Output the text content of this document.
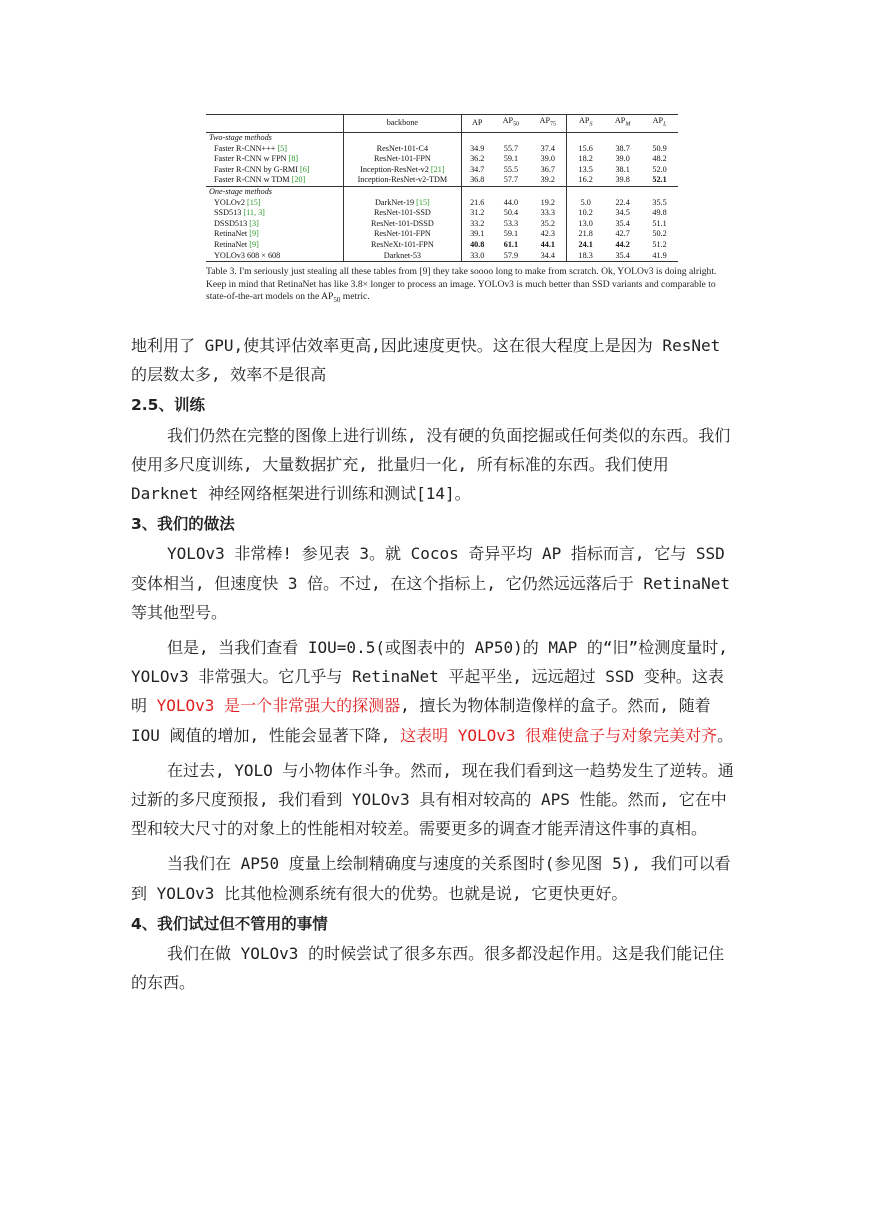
	backbone	AP	$AP_{50}$	$AP_{75}$	$AP_S$	$AP_M$	$AP_L$
Two-stage methods							
Faster R-CNN+++ [5]	ResNet-101-C4	34.9	55.7	37.4	15.6	38.7	50.9
Faster R-CNN w FPN [8]	ResNet-101-FPN	36.2	59.1	39.0	18.2	39.0	48.2
Faster R-CNN by G-RMI [6]	Inception-ResNet-v2 [21]	34.7	55.5	36.7	13.5	38.1	52.0
Faster R-CNN w TDM [20]	Inception-ResNet-v2-TDM	36.8	57.7	39.2	16.2	39.8	52.1
One-stage methods							
YOLOv2 [15]	DarkNet-19 [15]	21.6	44.0	19.2	5.0	22.4	35.5
SSD513 [11, 3]	ResNet-101-SSD	31.2	50.4	33.3	10.2	34.5	49.8
DSSD513 [3]	ResNet-101-DSSD	33.2	53.3	35.2	13.0	35.4	51.1
RetinaNet [9]	ResNet-101-FPN	39.1	59.1	42.3	21.8	42.7	50.2
RetinaNet [9]	ResNeXt-101-FPN	40.8	61.1	44.1	24.1	44.2	51.2
YOLOv3 608 × 608	Darknet-53	33.0	57.9	34.4	18.3	35.4	41.9
Table 3. I'm seriously just stealing all these tables from [9] they take soooo long to make from scratch. Ok, YOLOv3 is doing alright. Keep in mind that RetinaNet has like 3.8× longer to process an image. YOLOv3 is much better than SSD variants and comparable to state-of-the-art models on the $AP_{50}$ metric.

地利用了 GPU,使其评估效率更高,因此速度更快。这在很大程度上是因为 ResNet 的层数太多, 效率不是很高

2.5、训练

我们仍然在完整的图像上进行训练, 没有硬的负面挖掘或任何类似的东西。我们使用多尺度训练, 大量数据扩充, 批量归一化, 所有标准的东西。我们使用 Darknet 神经网络框架进行训练和测试[14]。

3、我们的做法

YOLOv3 非常棒! 参见表 3。就 Cocos 奇异平均 AP 指标而言, 它与 SSD 变体相当, 但速度快 3 倍。不过, 在这个指标上, 它仍然远远落后于 RetinaNet 等其他型号。

但是, 当我们查看 IOU=0.5(或图表中的 AP50)的 MAP 的“旧”检测度量时, YOLOv3 非常强大。它几乎与 RetinaNet 平起平坐, 远远超过 SSD 变种。这表明 YOLOv3 是一个非常强大的探测器, 擅长为物体制造像样的盒子。然而, 随着 IOU 阈值的增加, 性能会显著下降, 这表明 YOLOv3 很难使盒子与对象完美对齐。

在过去, YOLO 与小物体作斗争。然而, 现在我们看到这一趋势发生了逆转。通过新的多尺度预报, 我们看到 YOLOv3 具有相对较高的 APS 性能。然而, 它在中型和较大尺寸的对象上的性能相对较差。需要更多的调查才能弄清这件事的真相。

当我们在 AP50 度量上绘制精确度与速度的关系图时(参见图 5), 我们可以看到 YOLOv3 比其他检测系统有很大的优势。也就是说, 它更快更好。

4、我们试过但不管用的事情

我们在做 YOLOv3 的时候尝试了很多东西。很多都没起作用。这是我们能记住的东西。
